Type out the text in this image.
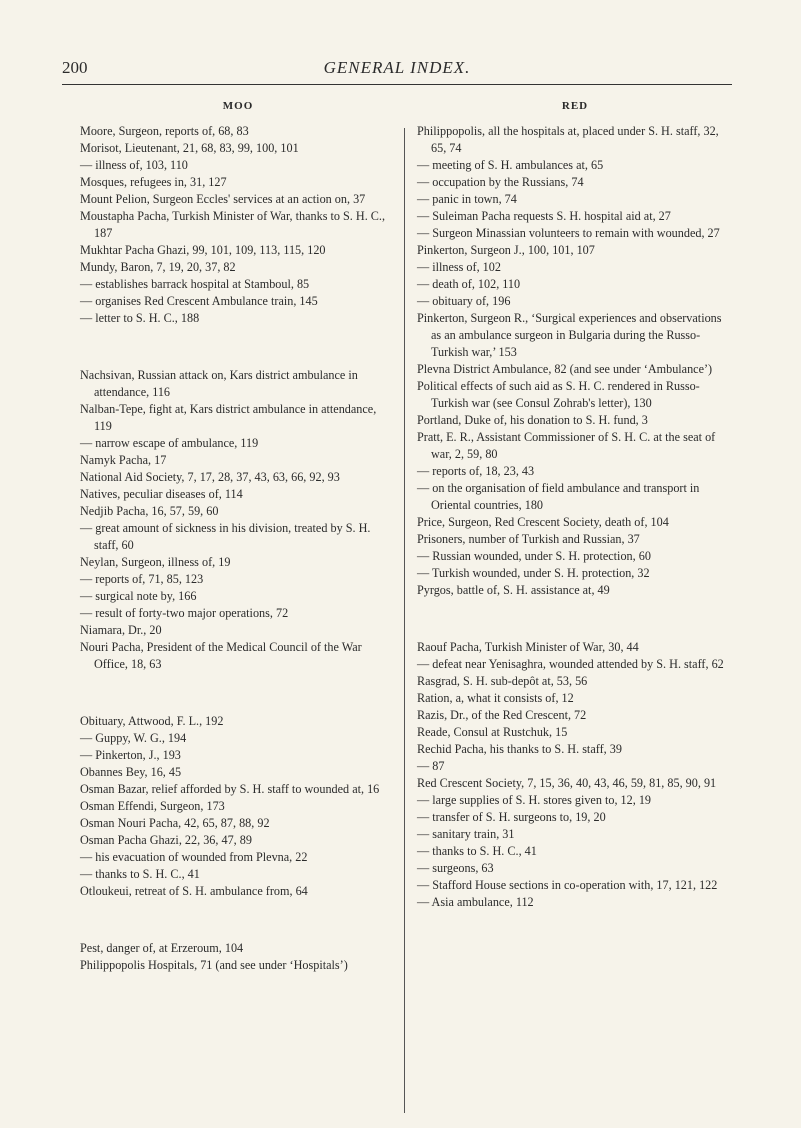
200	GENERAL INDEX.
MOO

Moore, Surgeon, reports of, 68, 83

Morisot, Lieutenant, 21, 68, 83, 99, 100, 101

— illness of, 103, 110

Mosques, refugees in, 31, 127

Mount Pelion, Surgeon Eccles' services at an action on, 37

Moustapha Pacha, Turkish Minister of War, thanks to S. H. C., 187

Mukhtar Pacha Ghazi, 99, 101, 109, 113, 115, 120

Mundy, Baron, 7, 19, 20, 37, 82

— establishes barrack hospital at Stamboul, 85

— organises Red Crescent Ambulance train, 145

— letter to S. H. C., 188

Nachsivan, Russian attack on, Kars district ambulance in attendance, 116

Nalban-Tepe, fight at, Kars district ambulance in attendance, 119

— narrow escape of ambulance, 119

Namyk Pacha, 17

National Aid Society, 7, 17, 28, 37, 43, 63, 66, 92, 93

Natives, peculiar diseases of, 114

Nedjib Pacha, 16, 57, 59, 60

— great amount of sickness in his division, treated by S. H. staff, 60

Neylan, Surgeon, illness of, 19

— reports of, 71, 85, 123

— surgical note by, 166

— result of forty-two major operations, 72

Niamara, Dr., 20

Nouri Pacha, President of the Medical Council of the War Office, 18, 63

Obituary, Attwood, F. L., 192

— Guppy, W. G., 194

— Pinkerton, J., 193

Obannes Bey, 16, 45

Osman Bazar, relief afforded by S. H. staff to wounded at, 16

Osman Effendi, Surgeon, 173

Osman Nouri Pacha, 42, 65, 87, 88, 92

Osman Pacha Ghazi, 22, 36, 47, 89

— his evacuation of wounded from Plevna, 22

— thanks to S. H. C., 41

Otloukeui, retreat of S. H. ambulance from, 64

Pest, danger of, at Erzeroum, 104

Philippopolis Hospitals, 71 (and see under ‘Hospitals’)

RED

Philippopolis, all the hospitals at, placed under S. H. staff, 32, 65, 74

— meeting of S. H. ambulances at, 65

— occupation by the Russians, 74

— panic in town, 74

— Suleiman Pacha requests S. H. hospital aid at, 27

— Surgeon Minassian volunteers to remain with wounded, 27

Pinkerton, Surgeon J., 100, 101, 107

— illness of, 102

— death of, 102, 110

— obituary of, 196

Pinkerton, Surgeon R., ‘Surgical experiences and observations as an ambulance surgeon in Bulgaria during the Russo-Turkish war,’ 153

Plevna District Ambulance, 82 (and see under ‘Ambulance’)

Political effects of such aid as S. H. C. rendered in Russo-Turkish war (see Consul Zohrab's letter), 130

Portland, Duke of, his donation to S. H. fund, 3

Pratt, E. R., Assistant Commissioner of S. H. C. at the seat of war, 2, 59, 80

— reports of, 18, 23, 43

— on the organisation of field ambulance and transport in Oriental countries, 180

Price, Surgeon, Red Crescent Society, death of, 104

Prisoners, number of Turkish and Russian, 37

— Russian wounded, under S. H. protection, 60

— Turkish wounded, under S. H. protection, 32

Pyrgos, battle of, S. H. assistance at, 49

Raouf Pacha, Turkish Minister of War, 30, 44

— defeat near Yenisaghra, wounded attended by S. H. staff, 62

Rasgrad, S. H. sub-depôt at, 53, 56

Ration, a, what it consists of, 12

Razis, Dr., of the Red Crescent, 72

Reade, Consul at Rustchuk, 15

Rechid Pacha, his thanks to S. H. staff, 39

— 87

Red Crescent Society, 7, 15, 36, 40, 43, 46, 59, 81, 85, 90, 91

— large supplies of S. H. stores given to, 12, 19

— transfer of S. H. surgeons to, 19, 20

— sanitary train, 31

— thanks to S. H. C., 41

— surgeons, 63

— Stafford House sections in co-operation with, 17, 121, 122

— Asia ambulance, 112
